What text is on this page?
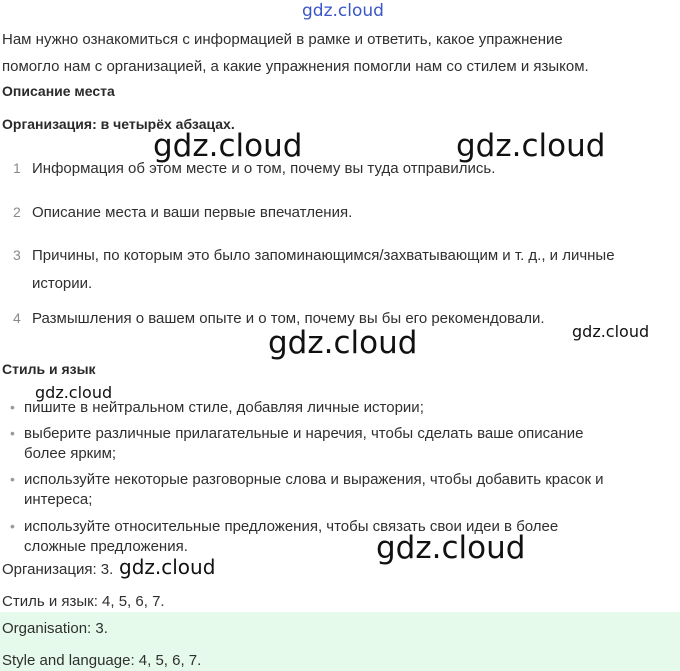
gdz.cloud
Нам нужно ознакомиться с информацией в рамке и ответить, какое упражнение
помогло нам с организацией, а какие упражнения помогли нам со стилем и языком.
Описание места
Организация: в четырёх абзацах.
1 Информация об этом месте и о том, почему вы туда отправились.
2 Описание места и ваши первые впечатления.
3 Причины, по которым это было запоминающимся/захватывающим и т. д., и личные
истории.
4 Размышления о вашем опыте и о том, почему вы бы его рекомендовали.
Стиль и язык
• пишите в нейтральном стиле, добавляя личные истории;
• выберите различные прилагательные и наречия, чтобы сделать ваше описание
более ярким;
• используйте некоторые разговорные слова и выражения, чтобы добавить красок и
интереса;
• используйте относительные предложения, чтобы связать свои идеи в более
сложные предложения.
Организация: 3.
Стиль и язык: 4, 5, 6, 7.
Organisation: 3.
Style and language: 4, 5, 6, 7.
gdz.cloud	gdz.cloud
gdz.cloud
gdz.cloud
gdz.cloud
gdz.cloud
gdz.cloud
